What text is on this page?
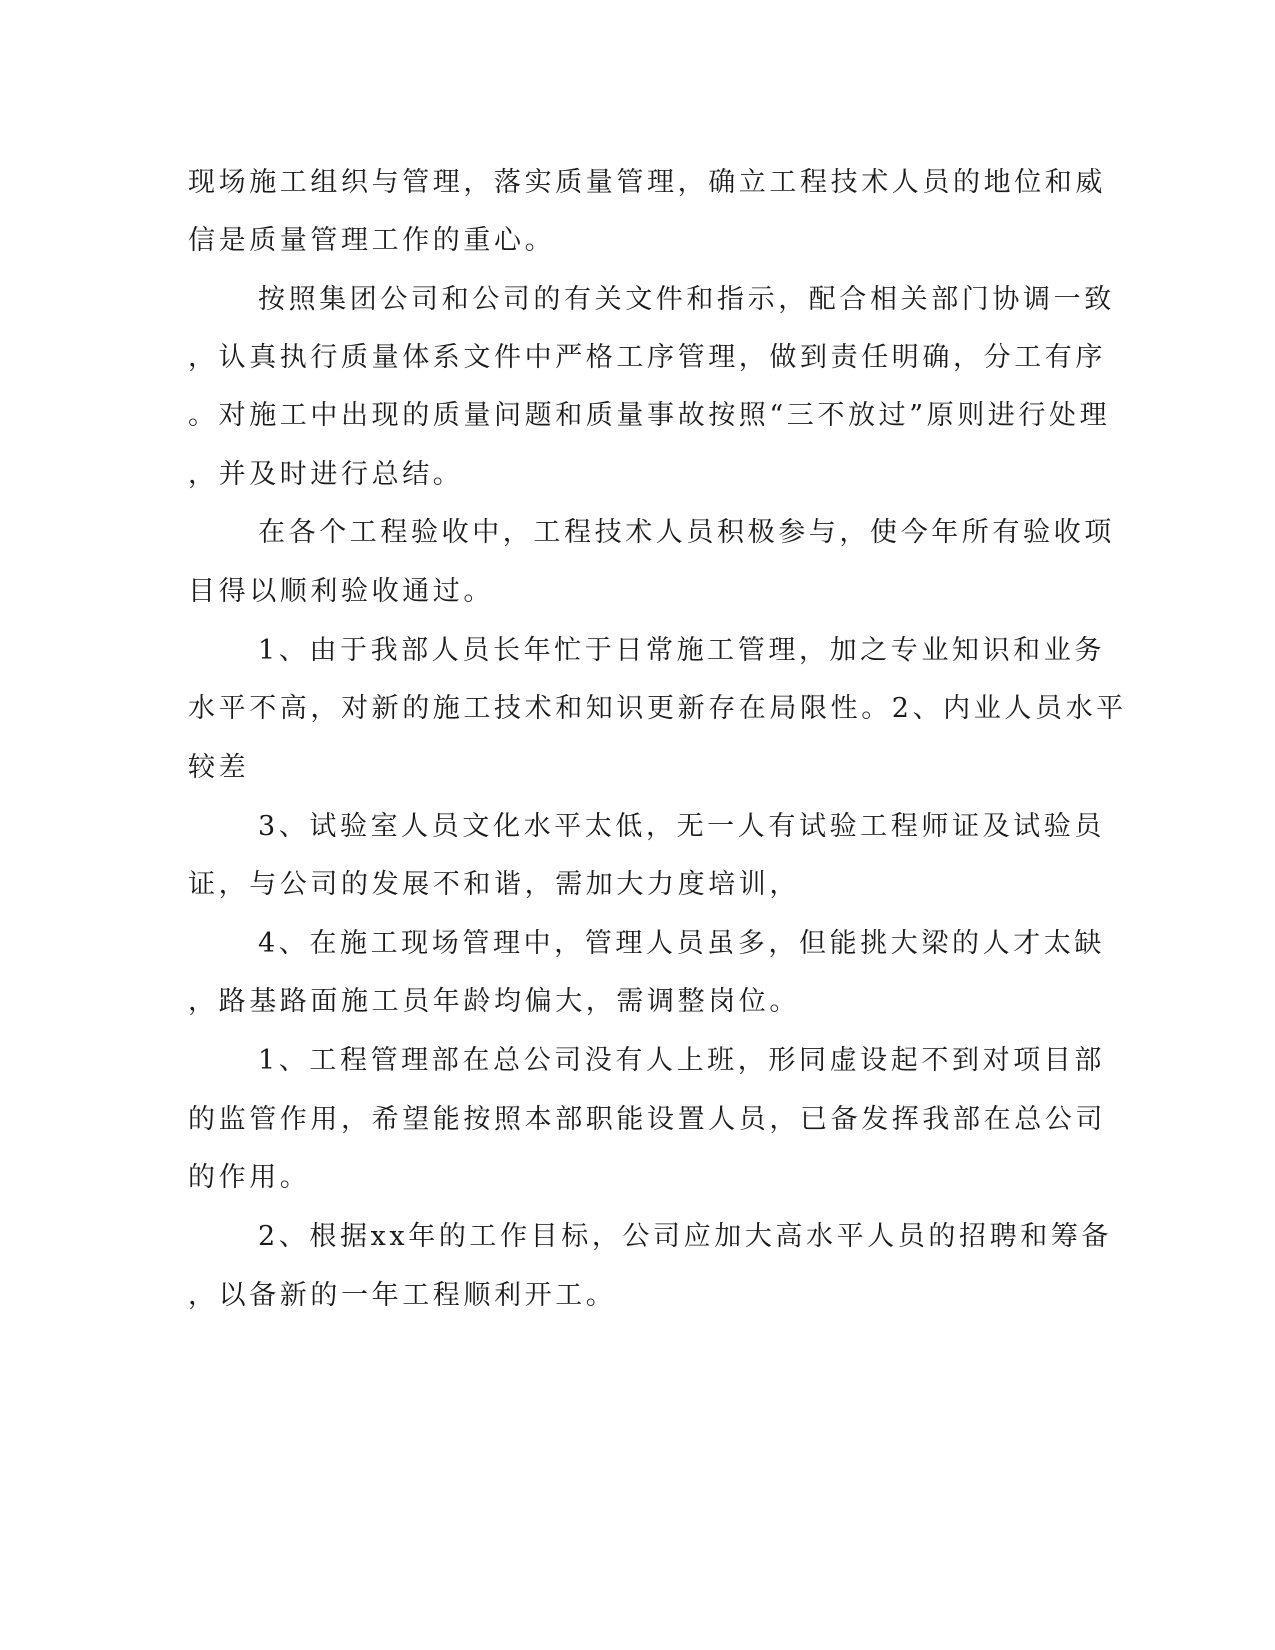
现场施工组织与管理，落实质量管理，确立工程技术人员的地位和威
信是质量管理工作的重心。
按照集团公司和公司的有关文件和指示，配合相关部门协调一致
，认真执行质量体系文件中严格工序管理，做到责任明确，分工有序
。对施工中出现的质量问题和质量事故按照“三不放过”原则进行处理
，并及时进行总结。
在各个工程验收中，工程技术人员积极参与，使今年所有验收项
目得以顺利验收通过。
1、由于我部人员长年忙于日常施工管理，加之专业知识和业务
水平不高，对新的施工技术和知识更新存在局限性。2、内业人员水平
较差
3、试验室人员文化水平太低，无一人有试验工程师证及试验员
证，与公司的发展不和谐，需加大力度培训，
4、在施工现场管理中，管理人员虽多，但能挑大梁的人才太缺
，路基路面施工员年龄均偏大，需调整岗位。
1、工程管理部在总公司没有人上班，形同虚设起不到对项目部
的监管作用，希望能按照本部职能设置人员，已备发挥我部在总公司
的作用。
2、根据xx年的工作目标，公司应加大高水平人员的招聘和筹备
，以备新的一年工程顺利开工。
